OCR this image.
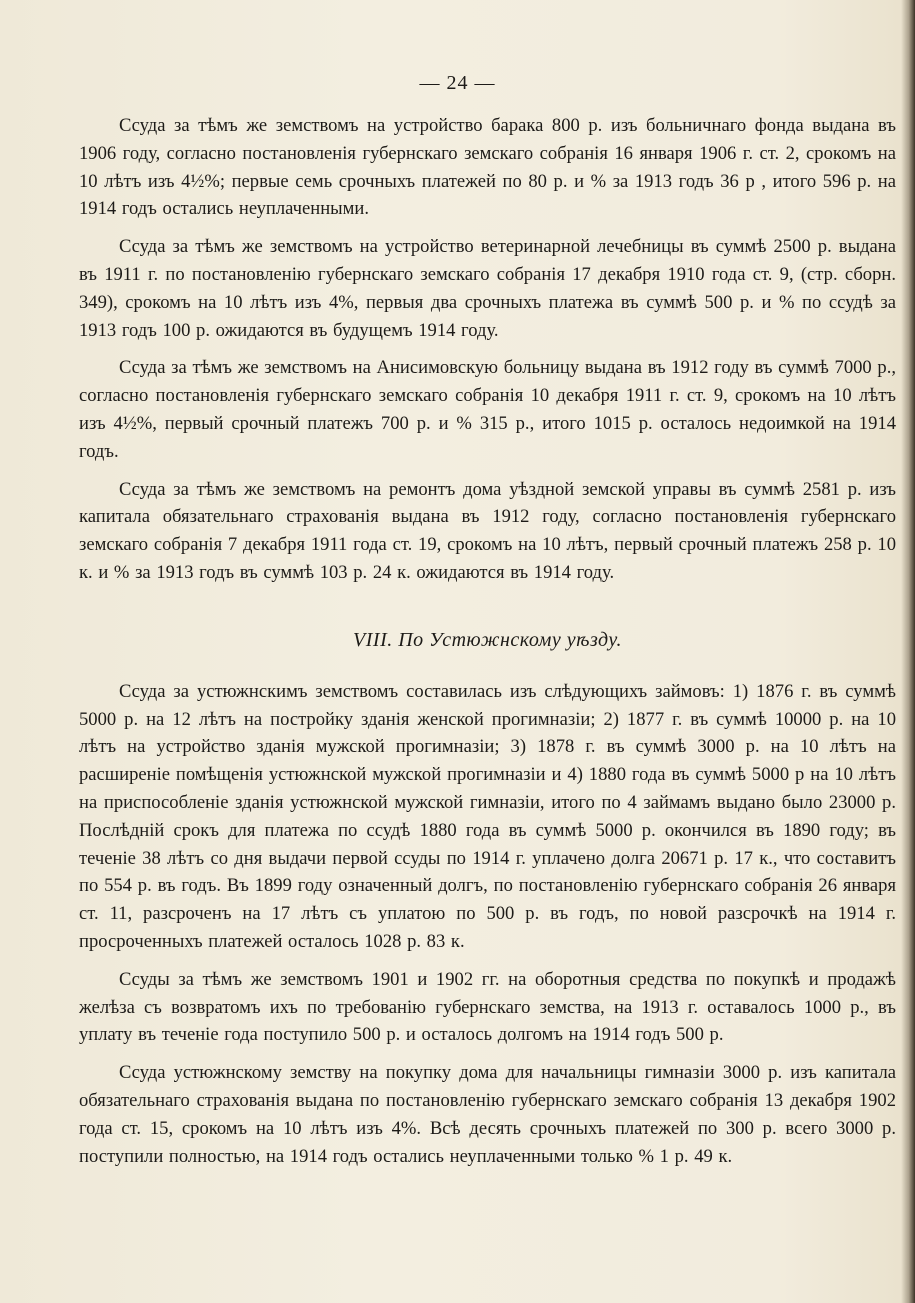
— 24 —

Ссуда за тѣмъ же земствомъ на устройство барака 800 р. изъ больничнаго фонда выдана въ 1906 году, согласно постановленія губернскаго земскаго собранія 16 января 1906 г. ст. 2, срокомъ на 10 лѣтъ изъ 4½%; первые семь срочныхъ платежей по 80 р. и % за 1913 годъ 36 р , итого 596 р. на 1914 годъ остались неуплаченными.

Ссуда за тѣмъ же земствомъ на устройство ветеринарной лечебницы въ суммѣ 2500 р. выдана въ 1911 г. по постановленію губернскаго земскаго собранія 17 декабря 1910 года ст. 9, (стр. сборн. 349), срокомъ на 10 лѣтъ изъ 4%, первыя два срочныхъ платежа въ суммѣ 500 р. и % по ссудѣ за 1913 годъ 100 р. ожидаются въ будущемъ 1914 году.

Ссуда за тѣмъ же земствомъ на Анисимовскую больницу выдана въ 1912 году въ суммѣ 7000 р., согласно постановленія губернскаго земскаго собранія 10 декабря 1911 г. ст. 9, срокомъ на 10 лѣтъ изъ 4½%, первый срочный платежъ 700 р. и % 315 р., итого 1015 р. осталось недоимкой на 1914 годъ.

Ссуда за тѣмъ же земствомъ на ремонтъ дома уѣздной земской управы въ суммѣ 2581 р. изъ капитала обязательнаго страхованія выдана въ 1912 году, согласно постановленія губернскаго земскаго собранія 7 декабря 1911 года ст. 19, срокомъ на 10 лѣтъ, первый срочный платежъ 258 р. 10 к. и % за 1913 годъ въ суммѣ 103 р. 24 к. ожидаются въ 1914 году.

VIII. По Устюжнскому уѣзду.

Ссуда за устюжнскимъ земствомъ составилась изъ слѣдующихъ займовъ: 1) 1876 г. въ суммѣ 5000 р. на 12 лѣтъ на постройку зданія женской прогимназіи; 2) 1877 г. въ суммѣ 10000 р. на 10 лѣтъ на устройство зданія мужской прогимназіи; 3) 1878 г. въ суммѣ 3000 р. на 10 лѣтъ на расширеніе помѣщенія устюжнской мужской прогимназіи и 4) 1880 года въ суммѣ 5000 р на 10 лѣтъ на приспособленіе зданія устюжнской мужской гимназіи, итого по 4 займамъ выдано было 23000 р. Послѣдній срокъ для платежа по ссудѣ 1880 года въ суммѣ 5000 р. окончился въ 1890 году; въ теченіе 38 лѣтъ со дня выдачи первой ссуды по 1914 г. уплачено долга 20671 р. 17 к., что составитъ по 554 р. въ годъ. Въ 1899 году означенный долгъ, по постановленію губернскаго собранія 26 января ст. 11, разсроченъ на 17 лѣтъ съ уплатою по 500 р. въ годъ, по новой разсрочкѣ на 1914 г. просроченныхъ платежей осталось 1028 р. 83 к.

Ссуды за тѣмъ же земствомъ 1901 и 1902 гг. на оборотныя средства по покупкѣ и продажѣ желѣза съ возвратомъ ихъ по требованію губернскаго земства, на 1913 г. оставалось 1000 р., въ уплату въ теченіе года поступило 500 р. и осталось долгомъ на 1914 годъ 500 р.

Ссуда устюжнскому земству на покупку дома для начальницы гимназіи 3000 р. изъ капитала обязательнаго страхованія выдана по постановленію губернскаго земскаго собранія 13 декабря 1902 года ст. 15, срокомъ на 10 лѣтъ изъ 4%. Всѣ десять срочныхъ платежей по 300 р. всего 3000 р. поступили полностью, на 1914 годъ остались неуплаченными только % 1 р. 49 к.
